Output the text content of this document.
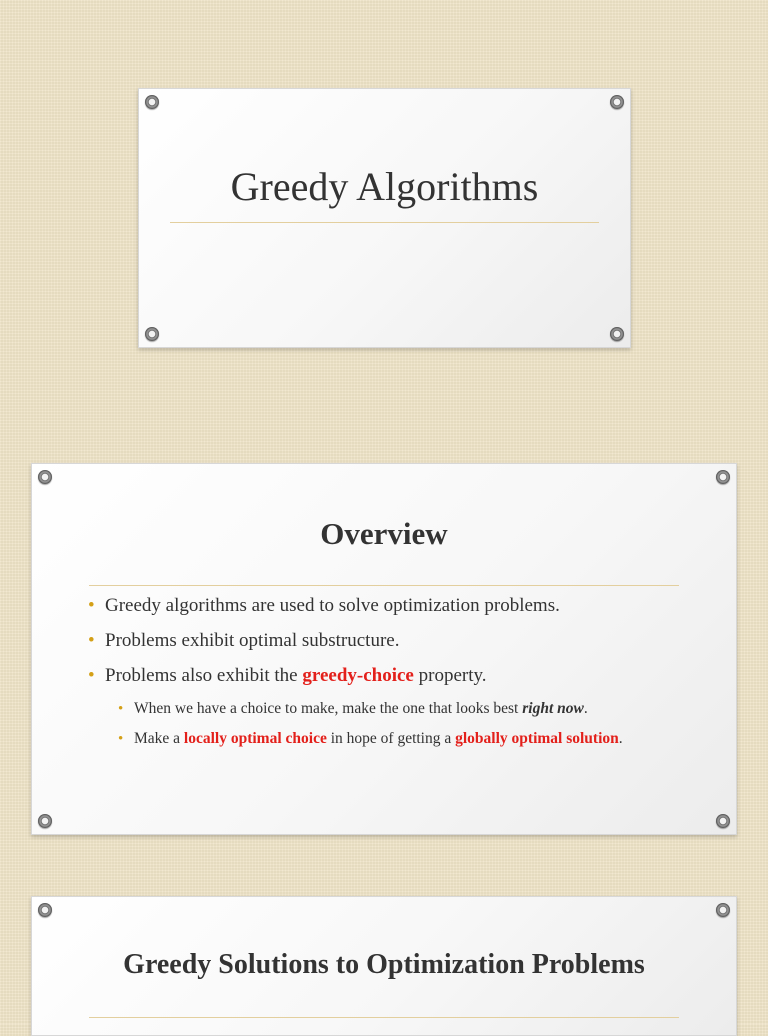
Greedy Algorithms
Overview
• Greedy algorithms are used to solve optimization problems.
• Problems exhibit optimal substructure.
• Problems also exhibit the greedy-choice property.
• When we have a choice to make, make the one that looks best right now.
• Make a locally optimal choice in hope of getting a globally optimal solution.
Greedy Solutions to Optimization Problems
